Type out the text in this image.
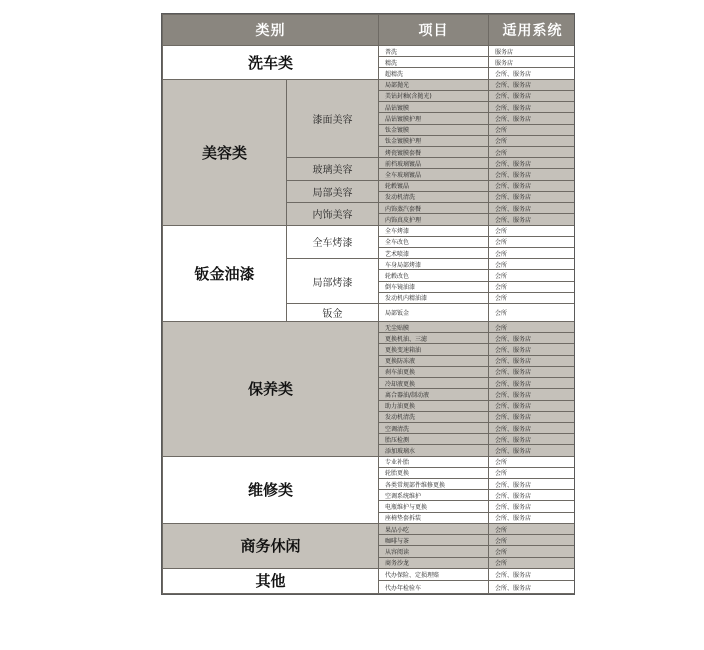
类别		项目	适用系统
洗车类		普洗	服务店
		精洗	服务店
		超精洗	会所、服务店
美容类	漆面美容	局部抛光	会所、服务店
		美钻封釉(含抛光)	会所、服务店
		晶钻镀膜	会所、服务店
		晶钻镀膜护理	会所、服务店
		钛金镀膜	会所
		钛金镀膜护理	会所
		烤瓷镀膜套餐	会所
	玻璃美容	前档玻璃镀晶	会所、服务店
		全车玻璃镀晶	会所、服务店
	局部美容	轮毂镀晶	会所、服务店
		发动机清洗	会所、服务店
	内饰美容	内饰蒸汽套餐	会所、服务店
		内饰真皮护理	会所、服务店
钣金油漆	全车烤漆	全车烤漆	会所
		全车改色	会所
		艺术喷漆	会所
	局部烤漆	车身局部烤漆	会所
		轮毂改色	会所
		倒车镜油漆	会所
		发动机内精油漆	会所
	钣金	局部钣金	会所
保养类		无尘贴膜	会所
		更换机油、三滤	会所、服务店
		更换变速箱油	会所、服务店
		更换防冻液	会所、服务店
		刹车油更换	会所、服务店
		冷却液更换	会所、服务店
		离合器油/制动液	会所、服务店
		助力油更换	会所、服务店
		发动机清洗	会所、服务店
		空调清洗	会所、服务店
		胎压检测	会所、服务店
		添加玻璃水	会所、服务店
维修类		专业补胎	会所
		轮胎更换	会所
		各类常规部件维修更换	会所、服务店
		空调系统维护	会所、服务店
		电瓶维护与更换	会所、服务店
		座椅垫套拆装	会所、服务店
商务休闲		果品小吃	会所
		咖啡与茶	会所
		从容阅读	会所
		商务沙龙	会所
其他		代办保险、定损理赔	会所、服务店
		代办年检验车	会所、服务店
